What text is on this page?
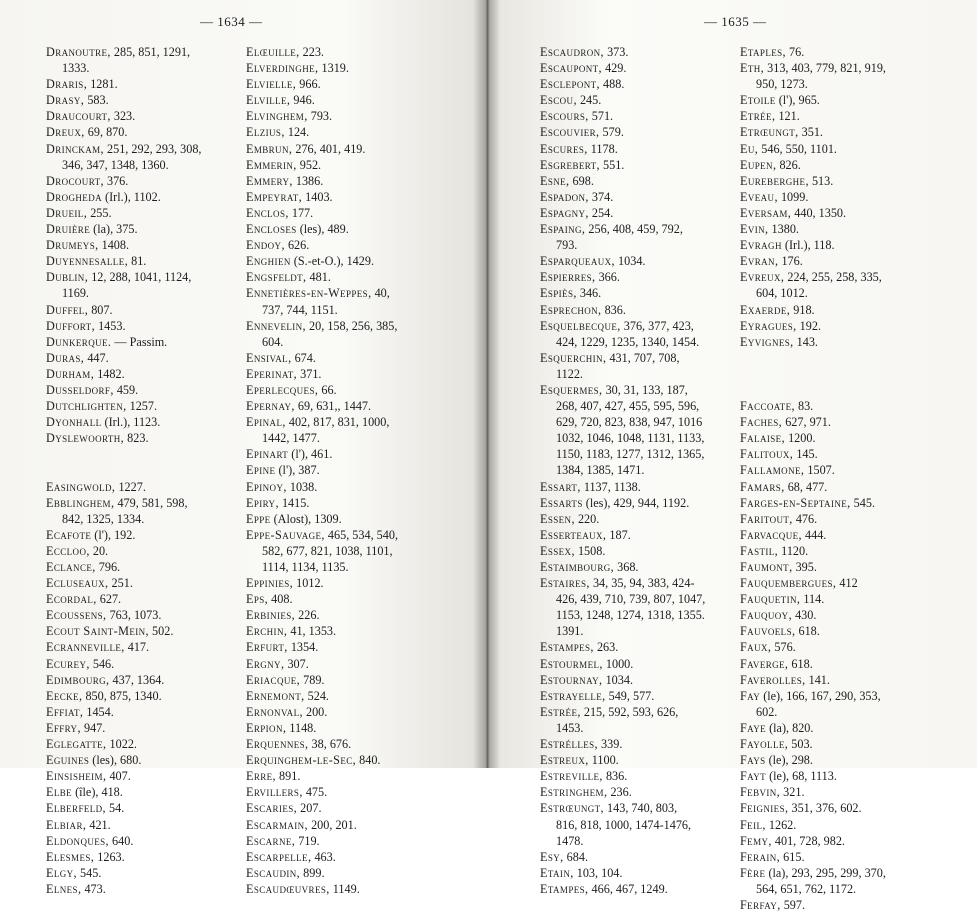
— 1634 —
Dranoutre, 285, 851, 1291,
1333.
Draris, 1281.
Drasy, 583.
Draucourt, 323.
Dreux, 69, 870.
Drinckam, 251, 292, 293, 308,
346, 347, 1348, 1360.
Drocourt, 376.
Drogheda (Irl.), 1102.
Drueil, 255.
Druière (la), 375.
Drumeys, 1408.
Duyennesalle, 81.
Dublin, 12, 288, 1041, 1124,
1169.
Duffel, 807.
Duffort, 1453.
Dunkerque. — Passim.
Duras, 447.
Durham, 1482.
Dusseldorf, 459.
Dutchlighten, 1257.
Dyonhall (Irl.), 1123.
Dyslewoorth, 823.
Easingwold, 1227.
Ebblinghem, 479, 581, 598,
842, 1325, 1334.
Ecafote (l'), 192.
Eccloo, 20.
Eclance, 796.
Ecluseaux, 251.
Ecordal, 627.
Ecoussens, 763, 1073.
Ecout Saint-Mein, 502.
Ecranneville, 417.
Ecurey, 546.
Edimbourg, 437, 1364.
Eecke, 850, 875, 1340.
Effiat, 1454.
Effry, 947.
Eglegatte, 1022.
Eguines (les), 680.
Einsisheim, 407.
Elbe (île), 418.
Elberfeld, 54.
Elbiar, 421.
Eldonques, 640.
Elesmes, 1263.
Elgy, 545.
Elnes, 473.
Elœuille, 223.
Elverdinghe, 1319.
Elvielle, 966.
Elville, 946.
Elvinghem, 793.
Elzius, 124.
Embrun, 276, 401, 419.
Emmerin, 952.
Emmery, 1386.
Empeyrat, 1403.
Enclos, 177.
Encloses (les), 489.
Endoy, 626.
Enghien (S.-et-O.), 1429.
Engsfeldt, 481.
Ennetières-en-Weppes, 40,
737, 744, 1151.
Ennevelin, 20, 158, 256, 385,
604.
Ensival, 674.
Eperinat, 371.
Eperlecques, 66.
Epernay, 69, 631,, 1447.
Epinal, 402, 817, 831, 1000,
1442, 1477.
Epinart (l'), 461.
Epine (l'), 387.
Epinoy, 1038.
Epiry, 1415.
Eppe (Alost), 1309.
Eppe-Sauvage, 465, 534, 540,
582, 677, 821, 1038, 1101,
1114, 1134, 1135.
Eppinies, 1012.
Eps, 408.
Erbinies, 226.
Erchin, 41, 1353.
Erfurt, 1354.
Ergny, 307.
Eriacque, 789.
Ernemont, 524.
Ernonval, 200.
Erpion, 1148.
Erquennes, 38, 676.
Erquinghem-le-Sec, 840.
Erre, 891.
Ervillers, 475.
Escaries, 207.
Escarmain, 200, 201.
Escarne, 719.
Escarpelle, 463.
Escaudin, 899.
Escaudœuvres, 1149.
— 1635 —
Escaudron, 373.
Escaupont, 429.
Esclepont, 488.
Escou, 245.
Escours, 571.
Escouvier, 579.
Escures, 1178.
Esgrebert, 551.
Esne, 698.
Espadon, 374.
Espagny, 254.
Espaing, 256, 408, 459, 792,
793.
Esparqueaux, 1034.
Espierres, 366.
Espiès, 346.
Esprechon, 836.
Esquelbecque, 376, 377, 423,
424, 1229, 1235, 1340, 1454.
Esquerchin, 431, 707, 708,
1122.
Esquermes, 30, 31, 133, 187,
268, 407, 427, 455, 595, 596,
629, 720, 823, 838, 947, 1016
1032, 1046, 1048, 1131, 1133,
1150, 1183, 1277, 1312, 1365,
1384, 1385, 1471.
Essart, 1137, 1138.
Essarts (les), 429, 944, 1192.
Essen, 220.
Esserteaux, 187.
Essex, 1508.
Estaimbourg, 368.
Estaires, 34, 35, 94, 383, 424-
426, 439, 710, 739, 807, 1047,
1153, 1248, 1274, 1318, 1355.
1391.
Estampes, 263.
Estourmel, 1000.
Estournay, 1034.
Estrayelle, 549, 577.
Estrée, 215, 592, 593, 626,
1453.
Estrélles, 339.
Estreux, 1100.
Estreville, 836.
Estringhem, 236.
Estrœungt, 143, 740, 803,
816, 818, 1000, 1474-1476,
1478.
Esy, 684.
Etain, 103, 104.
Etampes, 466, 467, 1249.
Etaples, 76.
Eth, 313, 403, 779, 821, 919,
950, 1273.
Etoile (l'), 965.
Etrée, 121.
Etrœungt, 351.
Eu, 546, 550, 1101.
Eupen, 826.
Eureberghe, 513.
Eveau, 1099.
Eversam, 440, 1350.
Evin, 1380.
Evragh (Irl.), 118.
Evran, 176.
Evreux, 224, 255, 258, 335,
604, 1012.
Exaerde, 918.
Eyragues, 192.
Eyvignes, 143.
Faccoate, 83.
Faches, 627, 971.
Falaise, 1200.
Falitoux, 145.
Fallamone, 1507.
Famars, 68, 477.
Farges-en-Septaine, 545.
Faritout, 476.
Farvacque, 444.
Fastil, 1120.
Faumont, 395.
Fauquembergues, 412
Fauquetin, 114.
Fauquoy, 430.
Fauvoels, 618.
Faux, 576.
Faverge, 618.
Faverolles, 141.
Fay (le), 166, 167, 290, 353,
602.
Faye (la), 820.
Fayolle, 503.
Fays (le), 298.
Fayt (le), 68, 1113.
Febvin, 321.
Feignies, 351, 376, 602.
Feil, 1262.
Femy, 401, 728, 982.
Ferain, 615.
Fère (la), 293, 295, 299, 370,
564, 651, 762, 1172.
Ferfay, 597.
